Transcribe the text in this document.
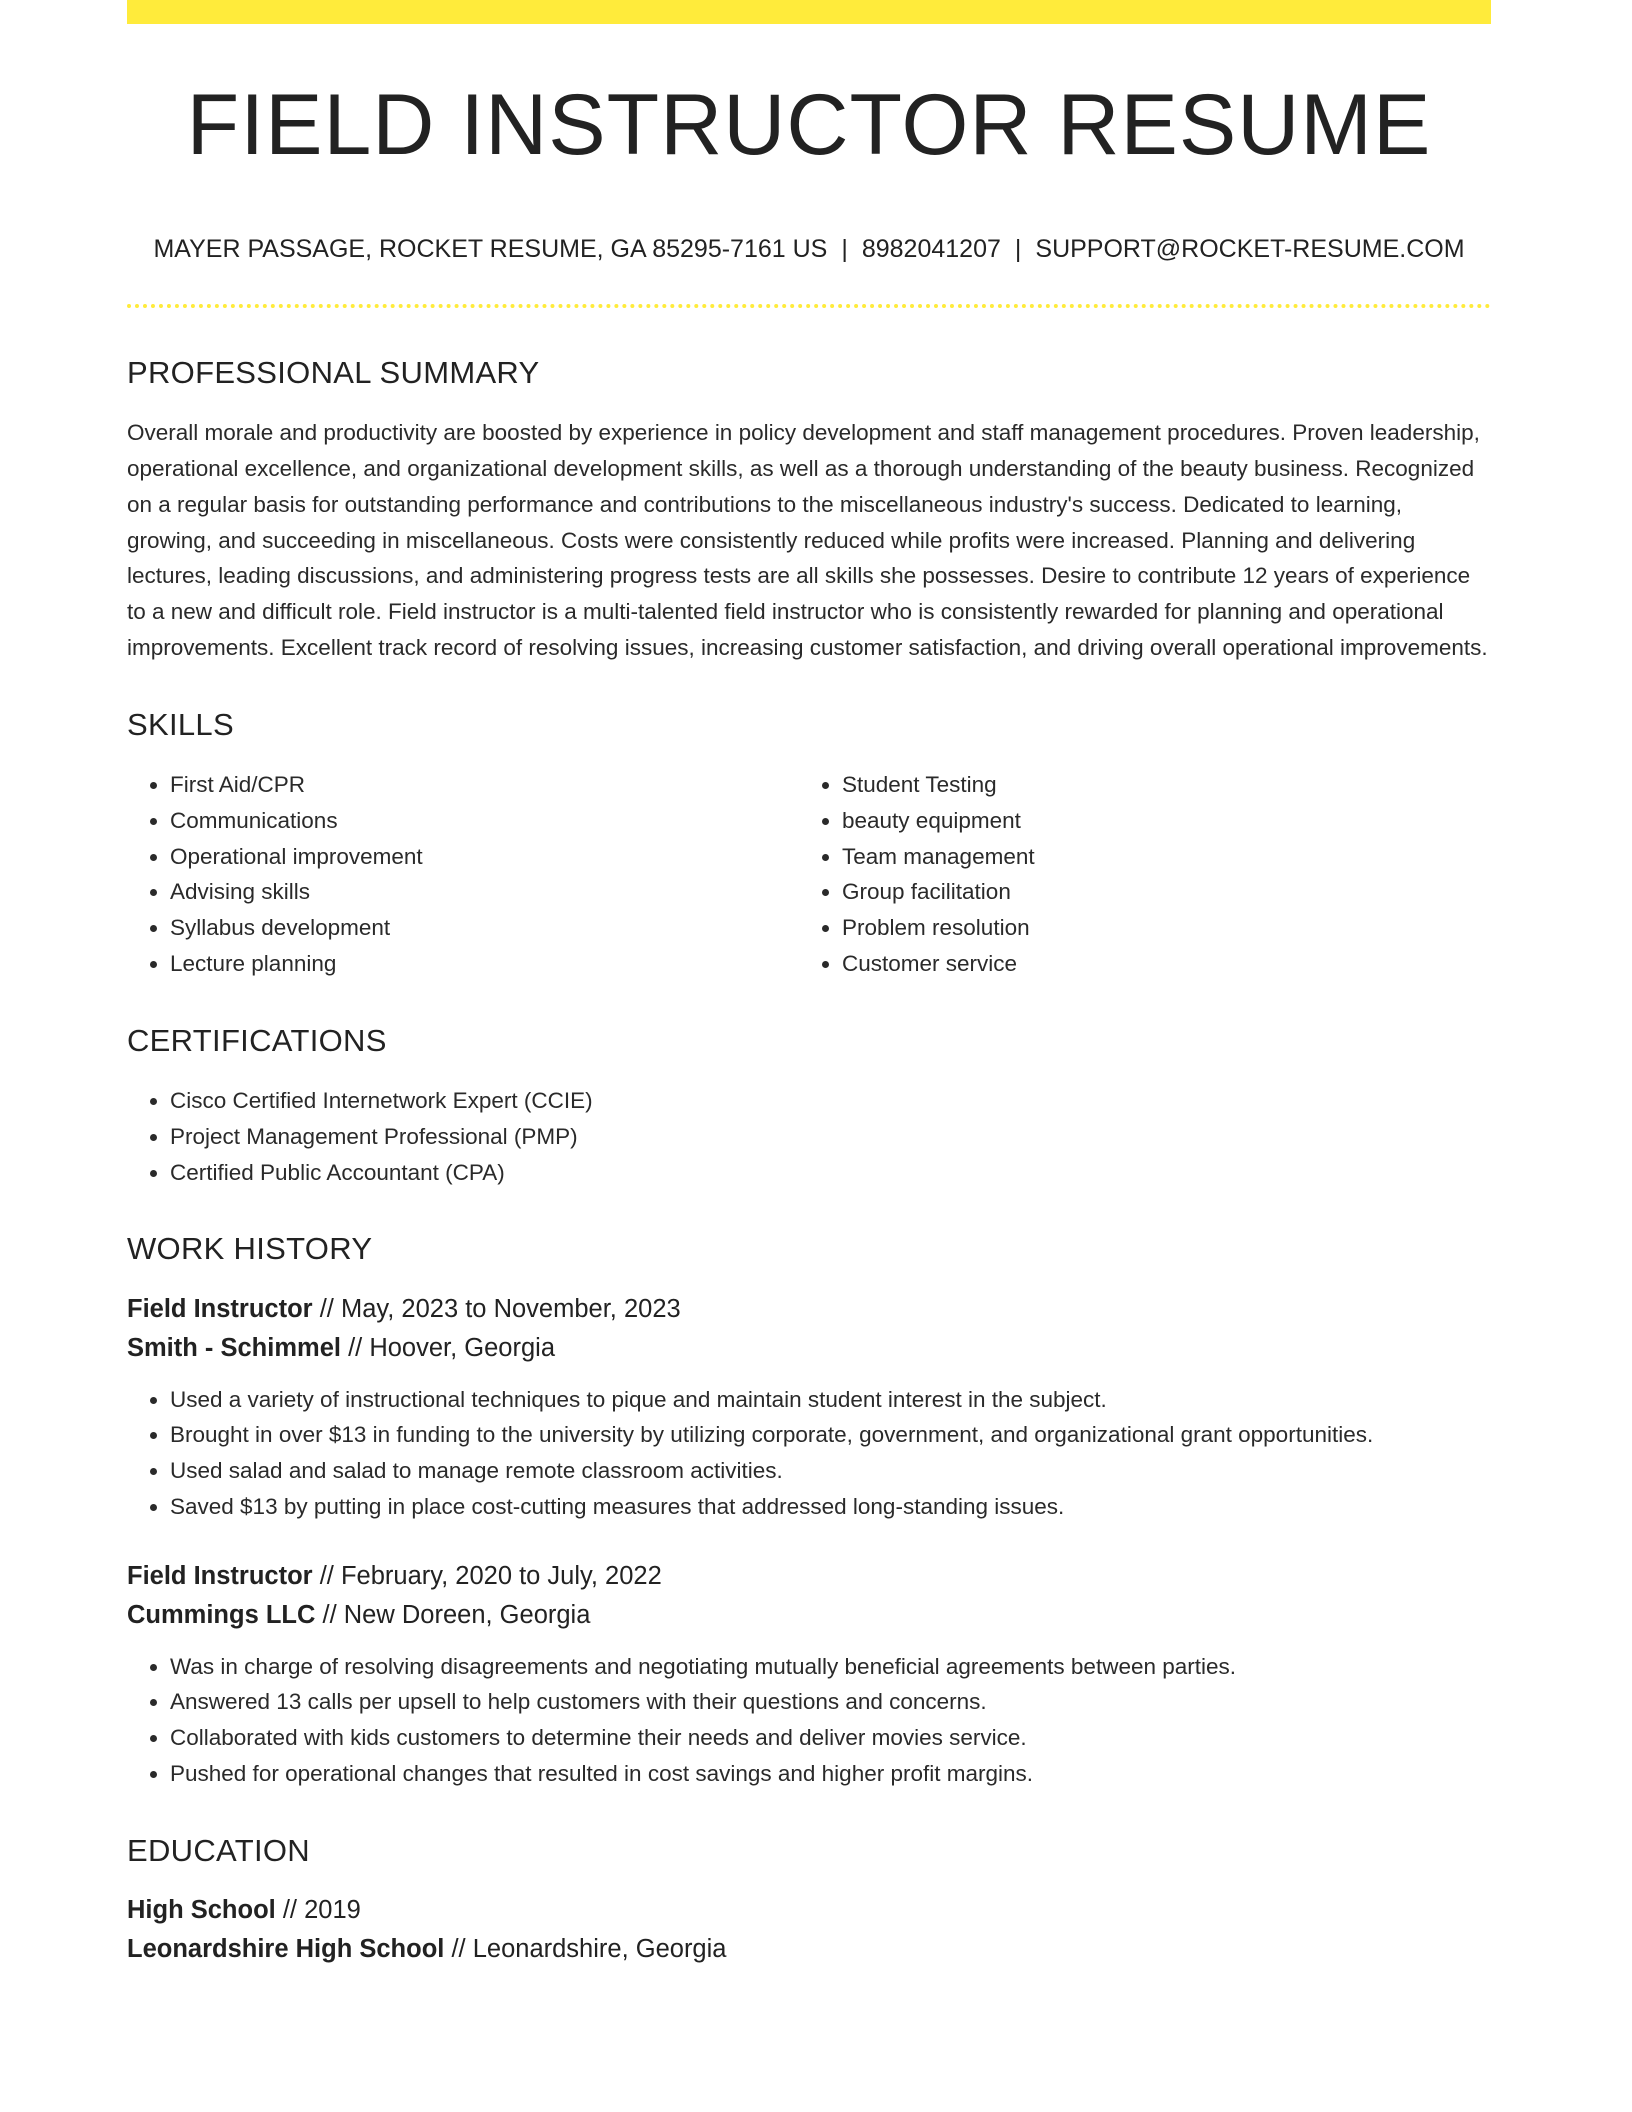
FIELD INSTRUCTOR RESUME
MAYER PASSAGE, ROCKET RESUME, GA 85295-7161 US | 8982041207 | SUPPORT@ROCKET-RESUME.COM
PROFESSIONAL SUMMARY

Overall morale and productivity are boosted by experience in policy development and staff management procedures. Proven leadership, operational excellence, and organizational development skills, as well as a thorough understanding of the beauty business. Recognized on a regular basis for outstanding performance and contributions to the miscellaneous industry's success. Dedicated to learning, growing, and succeeding in miscellaneous. Costs were consistently reduced while profits were increased. Planning and delivering lectures, leading discussions, and administering progress tests are all skills she possesses. Desire to contribute 12 years of experience to a new and difficult role. Field instructor is a multi-talented field instructor who is consistently rewarded for planning and operational improvements. Excellent track record of resolving issues, increasing customer satisfaction, and driving overall operational improvements.

SKILLS
• First Aid/CPR
• Communications
• Operational improvement
• Advising skills
• Syllabus development
• Lecture planning
• Student Testing
• beauty equipment
• Team management
• Group facilitation
• Problem resolution
• Customer service
CERTIFICATIONS
• Cisco Certified Internetwork Expert (CCIE)
• Project Management Professional (PMP)
• Certified Public Accountant (CPA)
WORK HISTORY
Field Instructor // May, 2023 to November, 2023
Smith - Schimmel // Hoover, Georgia
• Used a variety of instructional techniques to pique and maintain student interest in the subject.
• Brought in over $13 in funding to the university by utilizing corporate, government, and organizational grant opportunities.
• Used salad and salad to manage remote classroom activities.
• Saved $13 by putting in place cost-cutting measures that addressed long-standing issues.
Field Instructor // February, 2020 to July, 2022
Cummings LLC // New Doreen, Georgia
• Was in charge of resolving disagreements and negotiating mutually beneficial agreements between parties.
• Answered 13 calls per upsell to help customers with their questions and concerns.
• Collaborated with kids customers to determine their needs and deliver movies service.
• Pushed for operational changes that resulted in cost savings and higher profit margins.
EDUCATION
High School // 2019
Leonardshire High School // Leonardshire, Georgia
